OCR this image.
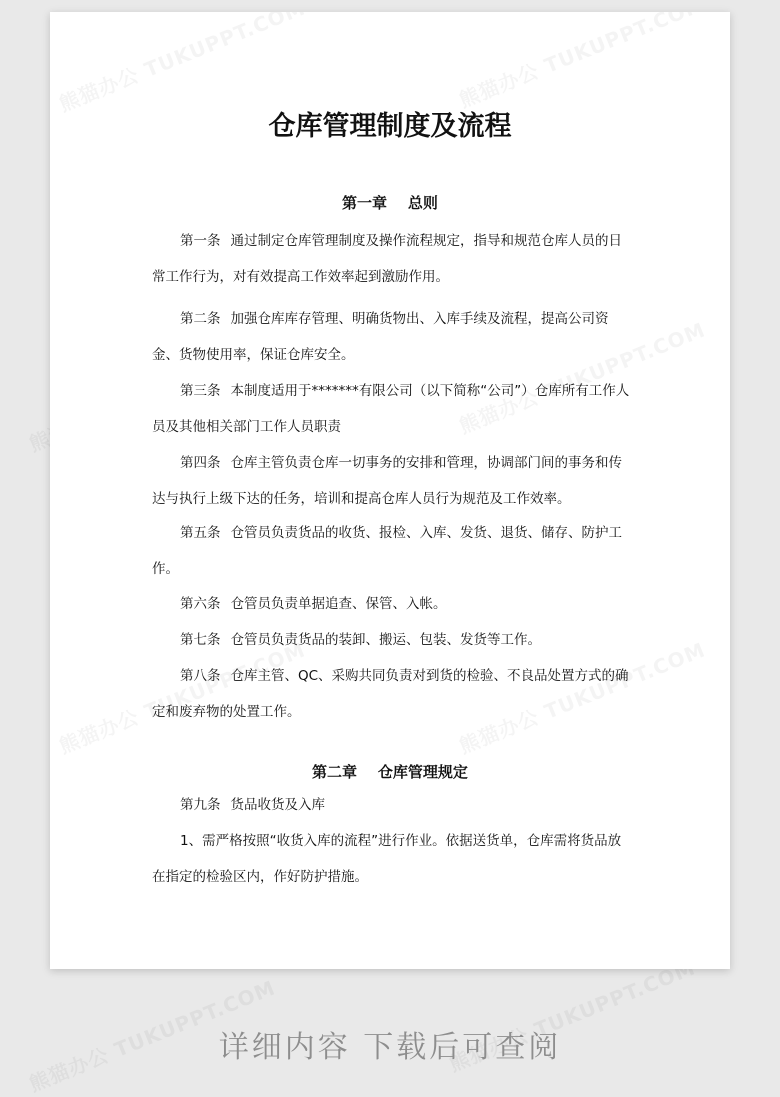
仓库管理制度及流程
第一章    总则
第一条 通过制定仓库管理制度及操作流程规定，指导和规范仓库人员的日常工作行为，对有效提高工作效率起到激励作用。
第二条 加强仓库库存管理、明确货物出、入库手续及流程，提高公司资金、货物使用率，保证仓库安全。
第三条 本制度适用于*******有限公司（以下简称“公司”）仓库所有工作人员及其他相关部门工作人员职责
第四条 仓库主管负责仓库一切事务的安排和管理，协调部门间的事务和传达与执行上级下达的任务，培训和提高仓库人员行为规范及工作效率。
第五条 仓管员负责货品的收货、报检、入库、发货、退货、储存、防护工作。
第六条 仓管员负责单据追查、保管、入帐。
第七条 仓管员负责货品的装卸、搬运、包装、发货等工作。
第八条 仓库主管、QC、采购共同负责对到货的检验、不良品处置方式的确定和废弃物的处置工作。
第二章    仓库管理规定
第九条 货品收货及入库
1、需严格按照“收货入库的流程”进行作业。依据送货单，仓库需将货品放在指定的检验区内，作好防护措施。
详细内容 下载后可查阅
